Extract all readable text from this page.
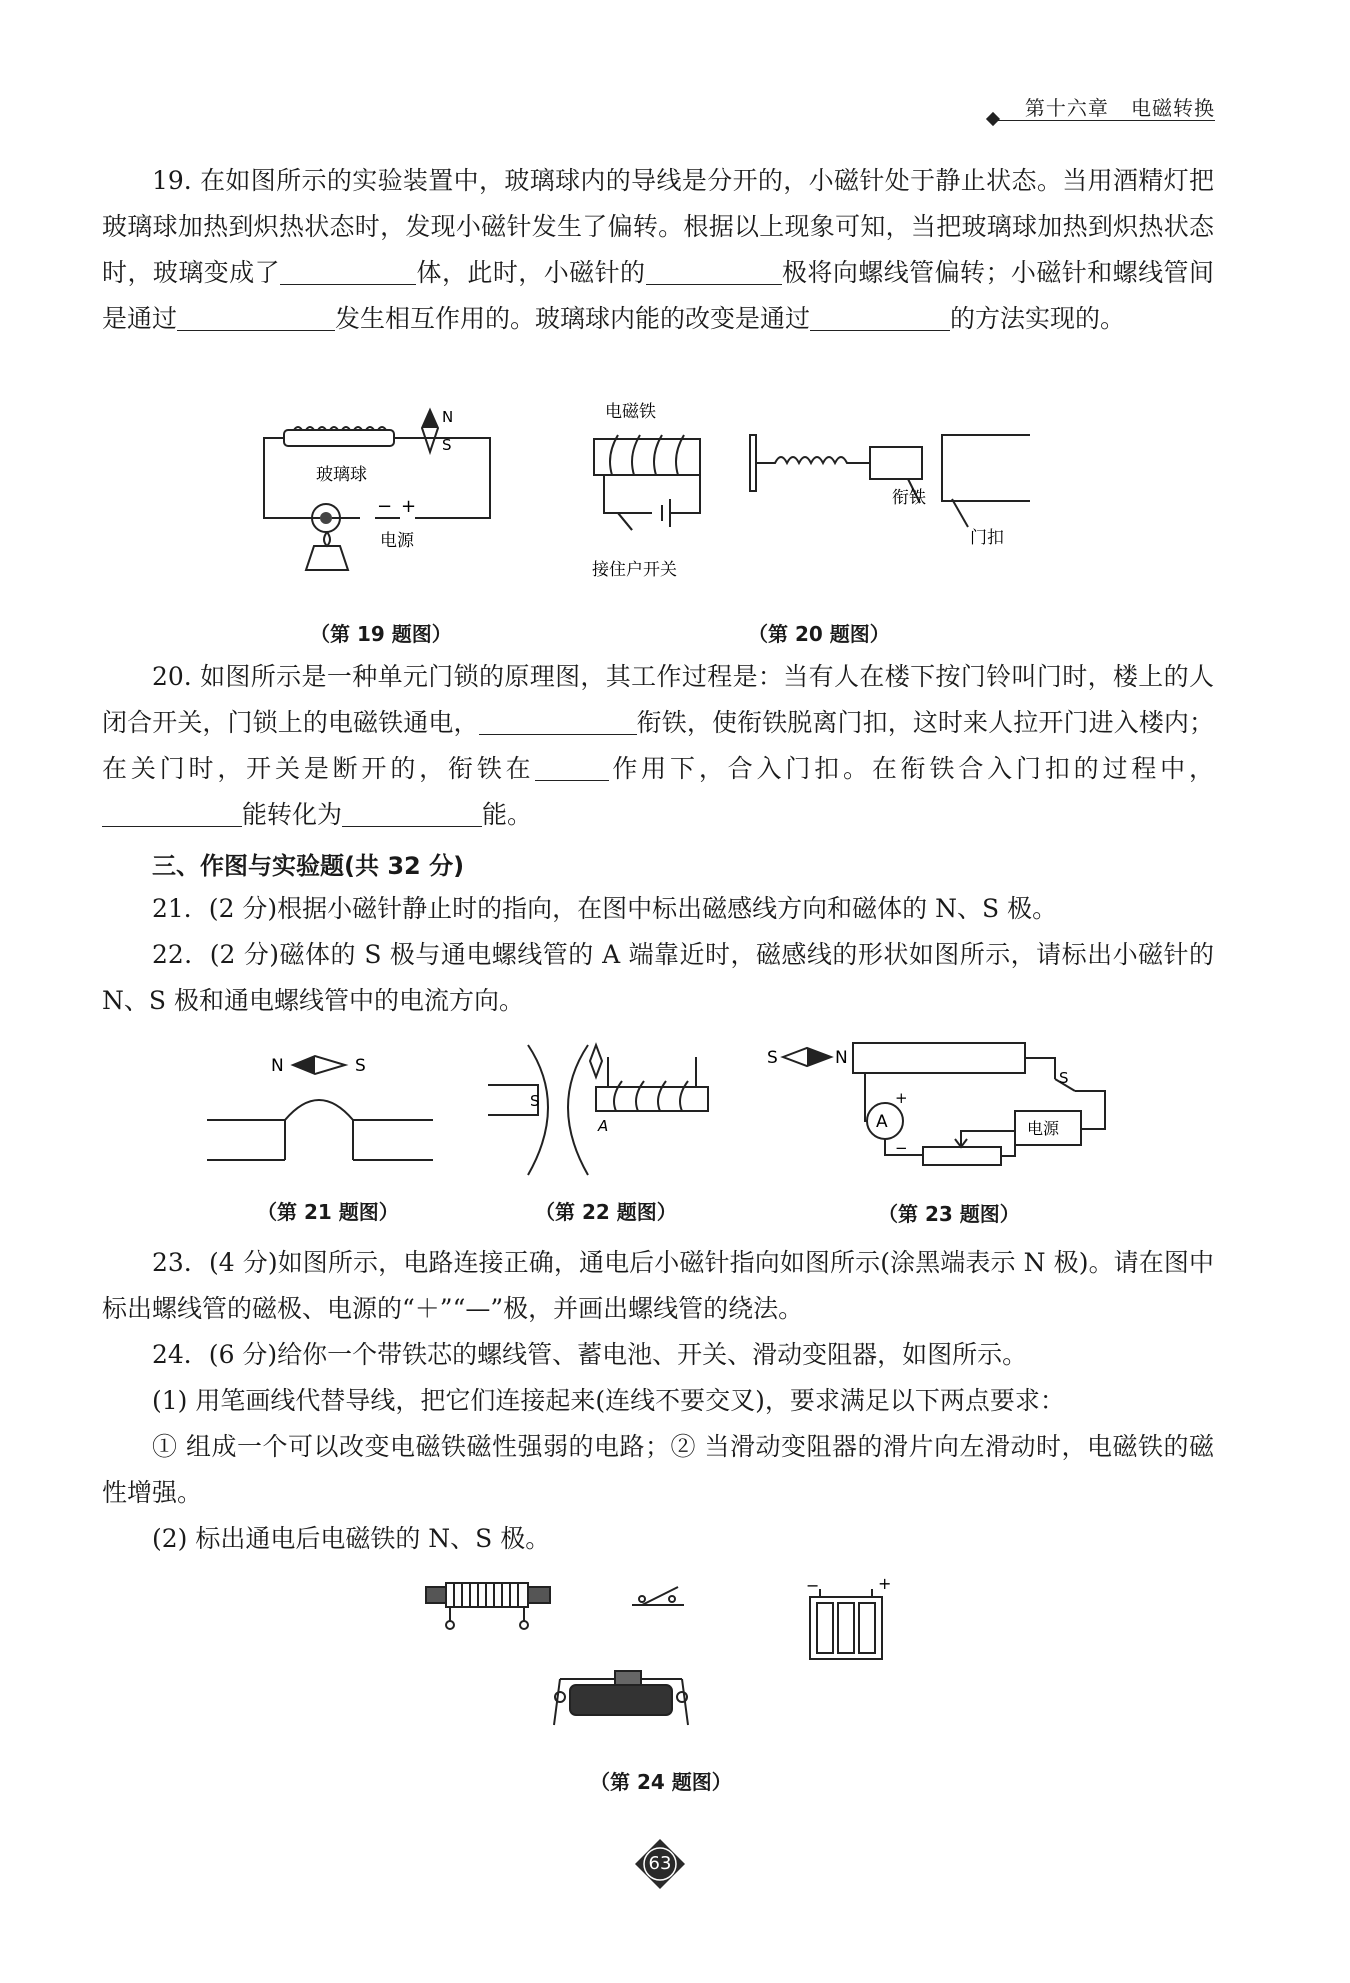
第十六章 电磁转换
19. 在如图所示的实验装置中，玻璃球内的导线是分开的，小磁针处于静止状态。当用酒精灯把玻璃球加热到炽热状态时，发现小磁针发生了偏转。根据以上现象可知，当把玻璃球加热到炽热状态时，玻璃变成了	体，此时，小磁针的	极将向螺线管偏转；小磁针和螺线管间是通过	发生相互作用的。玻璃球内能的改变是通过	的方法实现的。
N
S
玻璃球
− +
电源
（第 19 题图）
电磁铁
衔铁
门扣
接住户开关
（第 20 题图）
20. 如图所示是一种单元门锁的原理图，其工作过程是：当有人在楼下按门铃叫门时，楼上的人闭合开关，门锁上的电磁铁通电，	衔铁，使衔铁脱离门扣，这时来人拉开门进入楼内；在关门时，开关是断开的，衔铁在	作用下，合入门扣。在衔铁合入门扣的过程中，能转化为	能。
三、作图与实验题(共 32 分)
21．(2 分)根据小磁针静止时的指向，在图中标出磁感线方向和磁体的 N、S 极。
22．(2 分)磁体的 S 极与通电螺线管的 A 端靠近时，磁感线的形状如图所示，请标出小磁针的 N、S 极和通电螺线管中的电流方向。
N	S
（第 21 题图）
S
A
（第 22 题图）
S	N
A
+
−
S
电源
（第 23 题图）
23．(4 分)如图所示，电路连接正确，通电后小磁针指向如图所示(涂黑端表示 N 极)。请在图中标出螺线管的磁极、电源的“＋”“—”极，并画出螺线管的绕法。
24．(6 分)给你一个带铁芯的螺线管、蓄电池、开关、滑动变阻器，如图所示。
(1) 用笔画线代替导线，把它们连接起来(连线不要交叉)，要求满足以下两点要求：
① 组成一个可以改变电磁铁磁性强弱的电路；② 当滑动变阻器的滑片向左滑动时，电磁铁的磁性增强。
(2) 标出通电后电磁铁的 N、S 极。
−	+
（第 24 题图）
63
